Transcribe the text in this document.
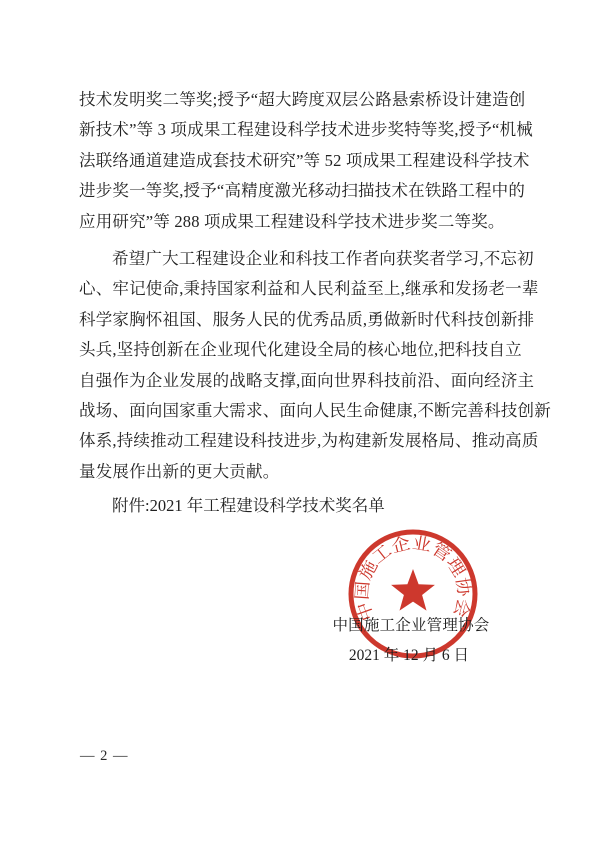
技术发明奖二等奖;授予“超大跨度双层公路悬索桥设计建造创
新技术”等 3 项成果工程建设科学技术进步奖特等奖,授予“机械
法联络通道建造成套技术研究”等 52 项成果工程建设科学技术
进步奖一等奖,授予“高精度激光移动扫描技术在铁路工程中的
应用研究”等 288 项成果工程建设科学技术进步奖二等奖。
希望广大工程建设企业和科技工作者向获奖者学习,不忘初
心、牢记使命,秉持国家利益和人民利益至上,继承和发扬老一辈
科学家胸怀祖国、服务人民的优秀品质,勇做新时代科技创新排
头兵,坚持创新在企业现代化建设全局的核心地位,把科技自立
自强作为企业发展的战略支撑,面向世界科技前沿、面向经济主
战场、面向国家重大需求、面向人民生命健康,不断完善科技创新
体系,持续推动工程建设科技进步,为构建新发展格局、推动高质
量发展作出新的更大贡献。
附件:2021 年工程建设科学技术奖名单
中国施工企业管理协会
中国施工企业管理协会
2021 年 12 月 6 日
— 2 —
